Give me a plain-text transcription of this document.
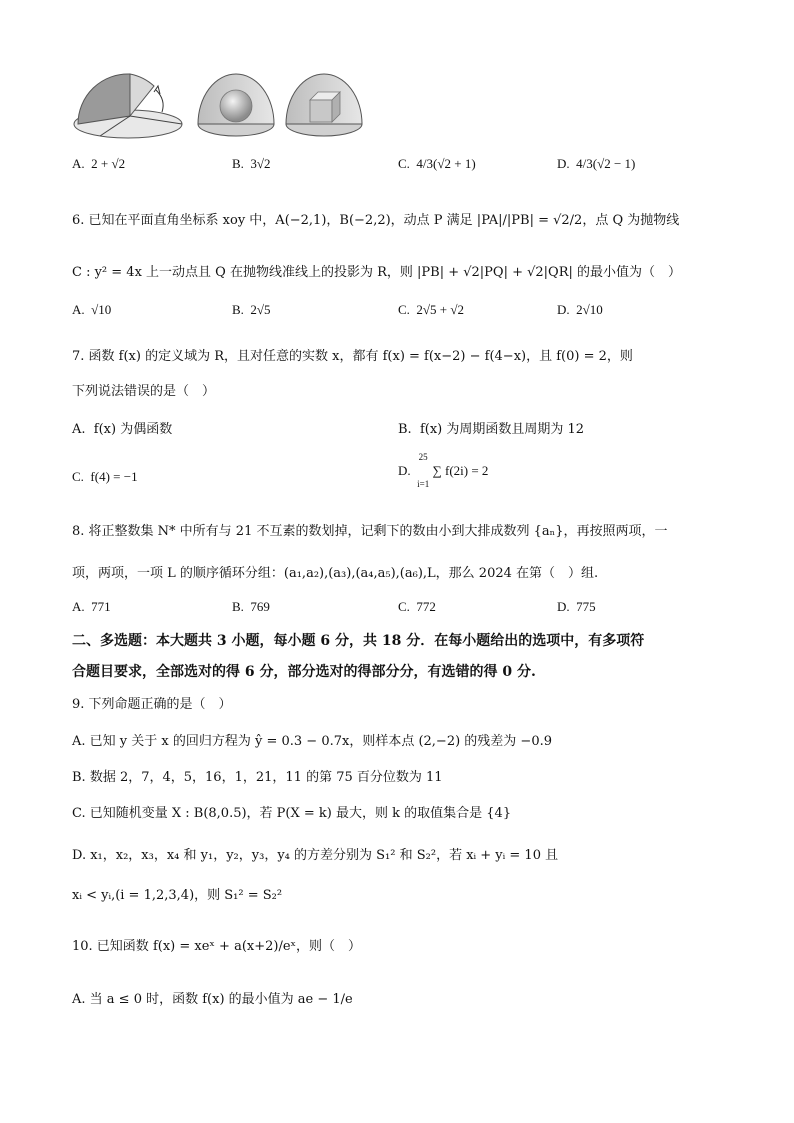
A. 2 + √2	B. 3√2	C. 4/3(√2 + 1)	D. 4/3(√2 − 1)
6. 已知在平面直角坐标系 xoy 中，A(−2,1)，B(−2,2)，动点 P 满足 |PA|/|PB| = √2/2，点 Q 为抛物线
C : y² = 4x 上一动点且 Q 在抛物线准线上的投影为 R，则 |PB| + √2|PQ| + √2|QR| 的最小值为（　）
A. √10	B. 2√5	C. 2√5 + √2	D. 2√10
7. 函数 f(x) 的定义域为 R，且对任意的实数 x，都有 f(x) = f(x−2) − f(4−x)，且 f(0) = 2，则
下列说法错误的是（　）
A. f(x) 为偶函数	B. f(x) 为周期函数且周期为 12
C. f(4) = −1	D.
25
i=1
∑ f(2i) = 2
8. 将正整数集 N* 中所有与 21 不互素的数划掉，记剩下的数由小到大排成数列 {aₙ}，再按照两项，一
项，两项，一项 L 的顺序循环分组：(a₁,a₂),(a₃),(a₄,a₅),(a₆),L，那么 2024 在第（　）组.
A. 771	B. 769	C. 772	D. 775
二、多选题：本大题共 3 小题，每小题 6 分，共 18 分．在每小题给出的选项中，有多项符
合题目要求，全部选对的得 6 分，部分选对的得部分分，有选错的得 0 分.
9. 下列命题正确的是（　）
A. 已知 y 关于 x 的回归方程为 ŷ = 0.3 − 0.7x，则样本点 (2,−2) 的残差为 −0.9
B. 数据 2，7，4，5，16，1，21，11 的第 75 百分位数为 11
C. 已知随机变量 X : B(8,0.5)，若 P(X = k) 最大，则 k 的取值集合是 {4}
D. x₁，x₂，x₃，x₄ 和 y₁，y₂，y₃，y₄ 的方差分别为 S₁² 和 S₂²，若 xᵢ + yᵢ = 10 且
xᵢ < yᵢ,(i = 1,2,3,4)，则 S₁² = S₂²
10. 已知函数 f(x) = xeˣ + a(x+2)/eˣ，则（　）
A. 当 a ≤ 0 时，函数 f(x) 的最小值为 ae − 1/e
